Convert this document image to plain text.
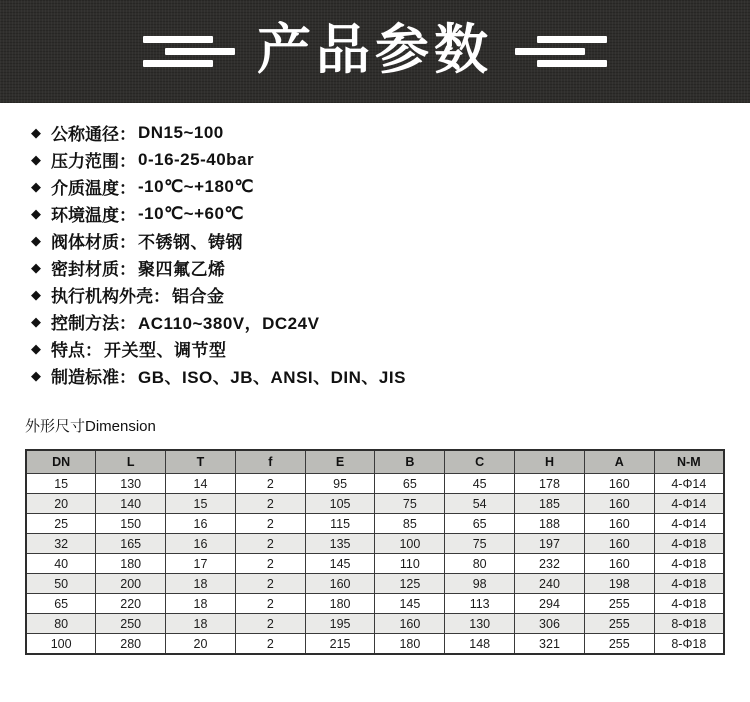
产品参数
◆ 公称通径： DN15~100
◆ 压力范围： 0-16-25-40bar
◆ 介质温度： -10℃~+180℃
◆ 环境温度： -10℃~+60℃
◆ 阀体材质： 不锈钢、铸钢
◆ 密封材质： 聚四氟乙烯
◆ 执行机构外壳： 铝合金
◆ 控制方法： AC110~380V，DC24V
◆ 特点： 开关型、调节型
◆ 制造标准： GB、ISO、JB、ANSI、DIN、JIS
外形尺寸Dimension
DN	L	T	f	E	B	C	H	A	N-M
15	130	14	2	95	65	45	178	160	4-Φ14
20	140	15	2	105	75	54	185	160	4-Φ14
25	150	16	2	115	85	65	188	160	4-Φ14
32	165	16	2	135	100	75	197	160	4-Φ18
40	180	17	2	145	110	80	232	160	4-Φ18
50	200	18	2	160	125	98	240	198	4-Φ18
65	220	18	2	180	145	113	294	255	4-Φ18
80	250	18	2	195	160	130	306	255	8-Φ18
100	280	20	2	215	180	148	321	255	8-Φ18
